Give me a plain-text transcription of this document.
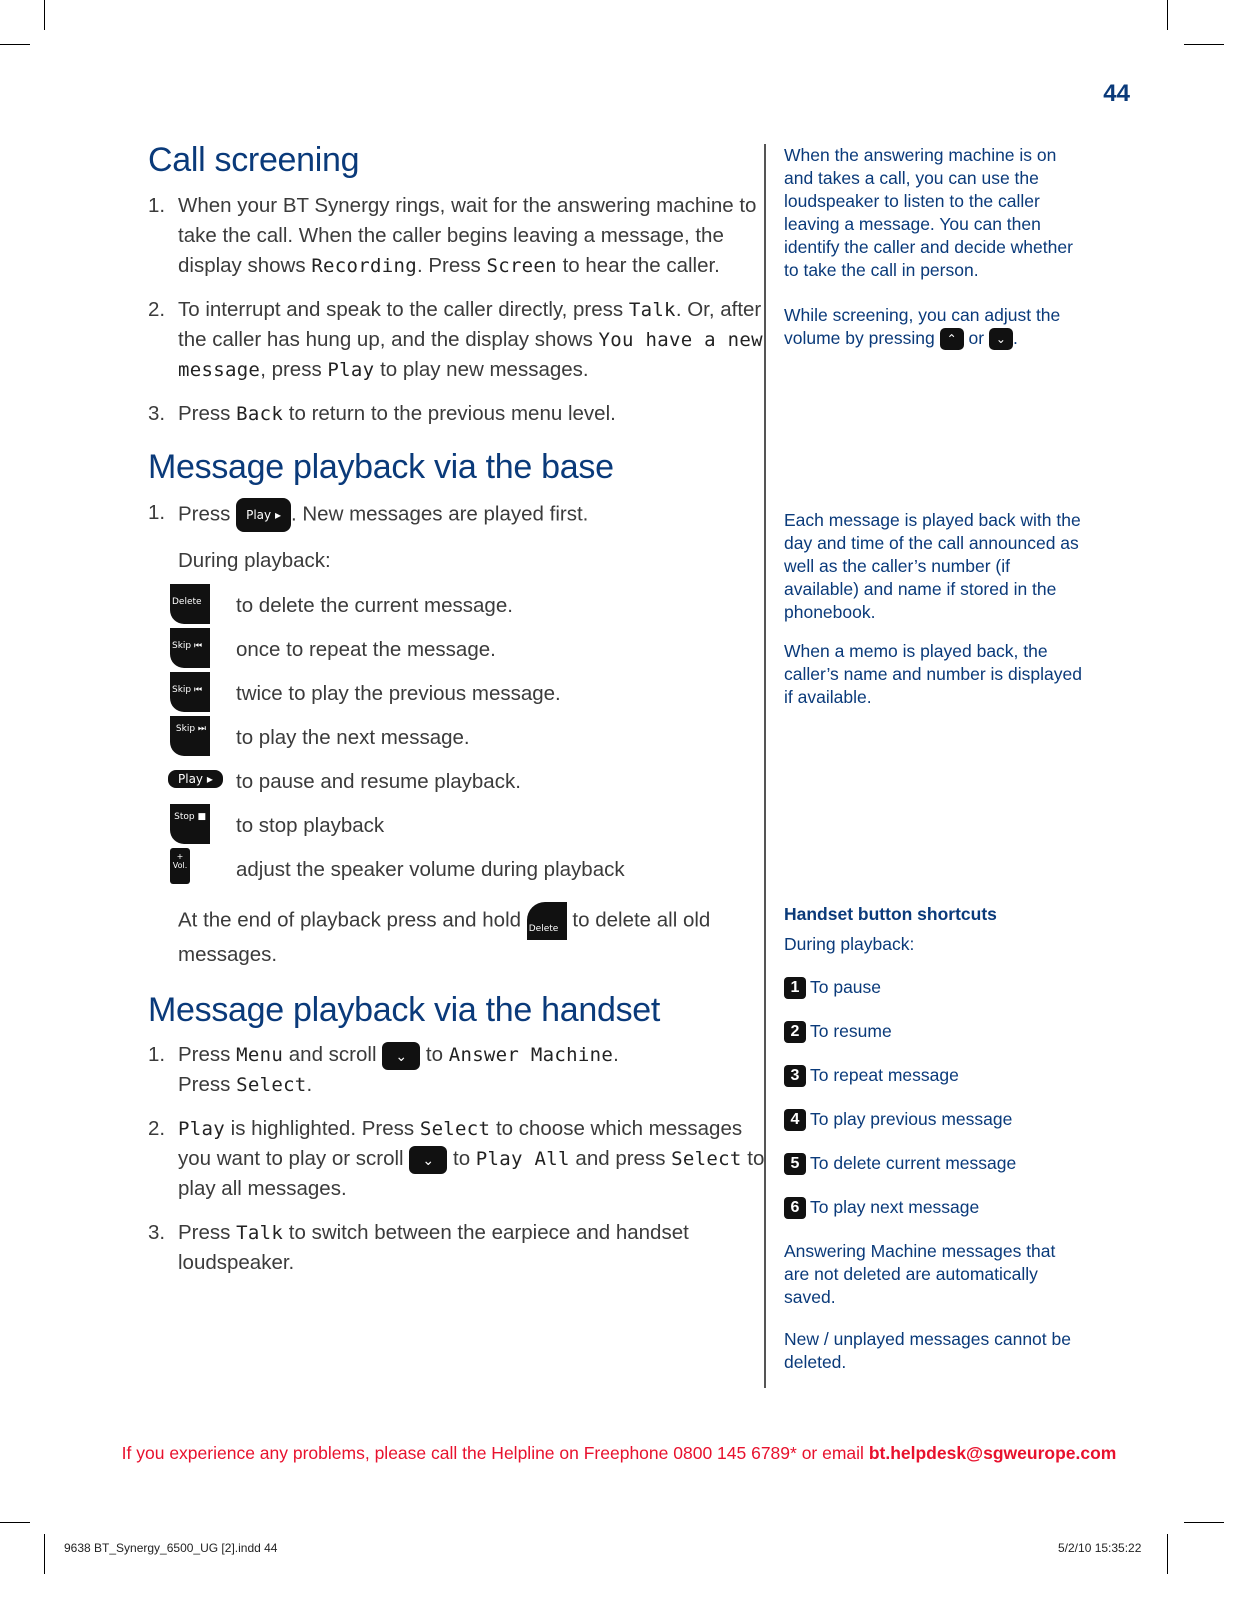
44
Call screening

1. When your BT Synergy rings, wait for the answering machine to take the call. When the caller begins leaving a message, the display shows Recording. Press Screen to hear the caller.

2. To interrupt and speak to the caller directly, press Talk. Or, after the caller has hung up, and the display shows You have a new message, press Play to play new messages.

3. Press Back to return to the previous menu level.

Message playback via the base

1. Press Play ▸ . New messages are played first.

During playback:
Delete to delete the current message.
Skip ⏮ once to repeat the message.
Skip ⏮ twice to play the previous message.
Skip ⏭ to play the next message.
Play ▸	to pause and resume playback.
Stop ■ to stop playback
+ Vol. adjust the speaker volume during playback
At the end of playback press and hold Delete to delete all old messages.
Message playback via the handset

1. Press Menu and scroll ⌄ to Answer Machine.
Press Select.

2. Play is highlighted. Press Select to choose which messages you want to play or scroll ⌄ to Play All and press Select to play all messages.

3. Press Talk to switch between the earpiece and handset loudspeaker.

When the answering machine is on and takes a call, you can use the loudspeaker to listen to the caller leaving a message. You can then identify the caller and decide whether to take the call in person.

While screening, you can adjust the volume by pressing ⌃ or ⌄ .

Each message is played back with the day and time of the call announced as well as the caller’s number (if available) and name if stored in the phonebook.

When a memo is played back, the caller’s name and number is displayed if available.

Handset button shortcuts

During playback:

1 To pause
2 To resume
3 To repeat message
4 To play previous message
5 To delete current message
6 To play next message

Answering Machine messages that are not deleted are automatically saved.

New / unplayed messages cannot be deleted.

If you experience any problems, please call the Helpline on Freephone 0800 145 6789* or email bt.helpdesk@sgweurope.com
9638 BT_Synergy_6500_UG [2].indd 44	5/2/10 15:35:22
